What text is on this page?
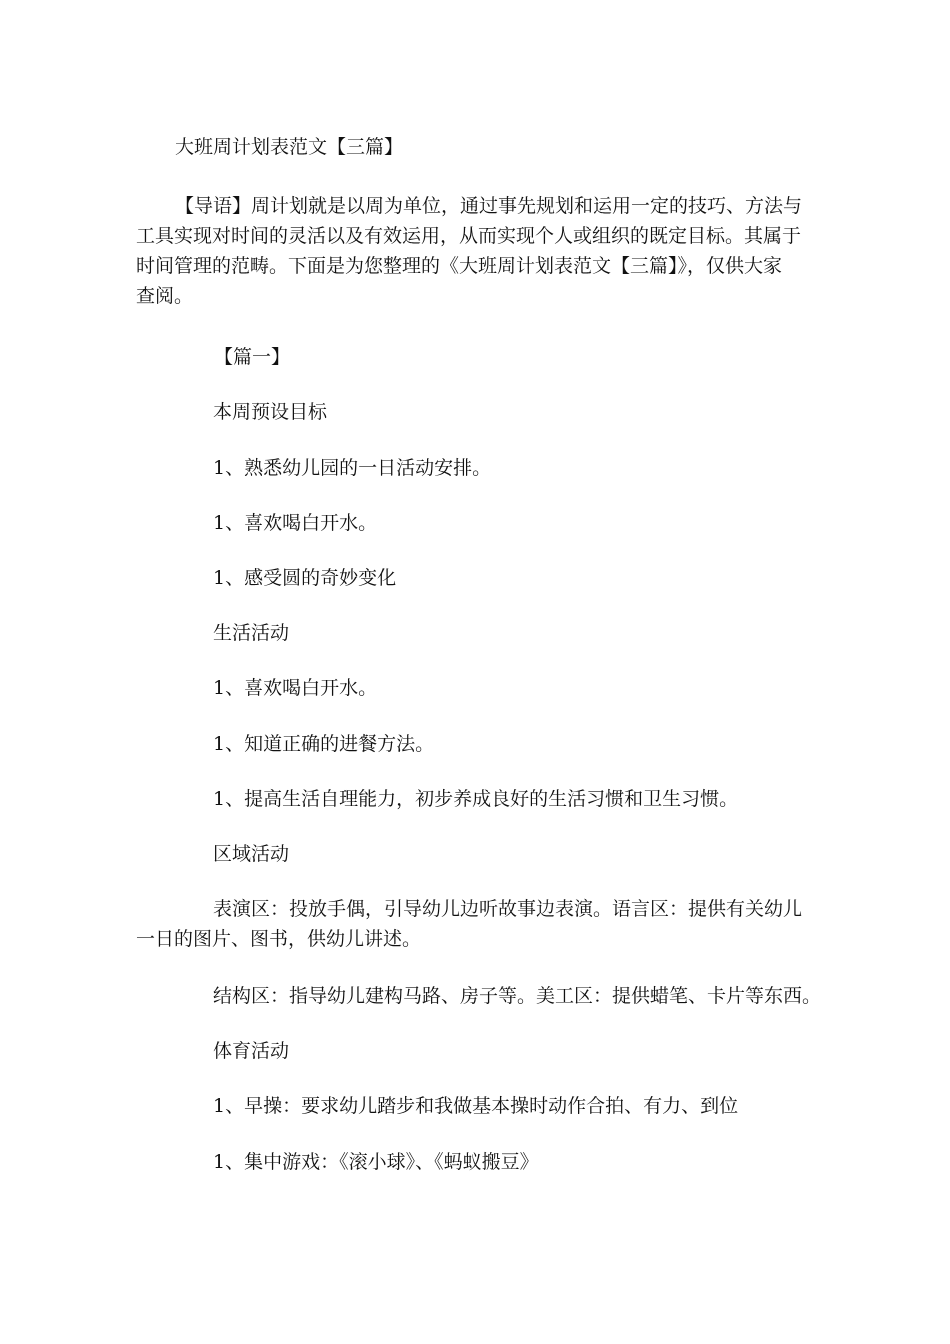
大班周计划表范文【三篇】
【导语】周计划就是以周为单位，通过事先规划和运用一定的技巧、方法与
工具实现对时间的灵活以及有效运用，从而实现个人或组织的既定目标。其属于
时间管理的范畴。下面是为您整理的《大班周计划表范文【三篇】》，仅供大家
查阅。
【篇一】
本周预设目标
1、熟悉幼儿园的一日活动安排。
1、喜欢喝白开水。
1、感受圆的奇妙变化
生活活动
1、喜欢喝白开水。
1、知道正确的进餐方法。
1、提高生活自理能力，初步养成良好的生活习惯和卫生习惯。
区域活动
表演区：投放手偶，引导幼儿边听故事边表演。语言区：提供有关幼儿
一日的图片、图书，供幼儿讲述。
结构区：指导幼儿建构马路、房子等。美工区：提供蜡笔、卡片等东西。
体育活动
1、早操：要求幼儿踏步和我做基本操时动作合拍、有力、到位
1、集中游戏：《滚小球》、《蚂蚁搬豆》
